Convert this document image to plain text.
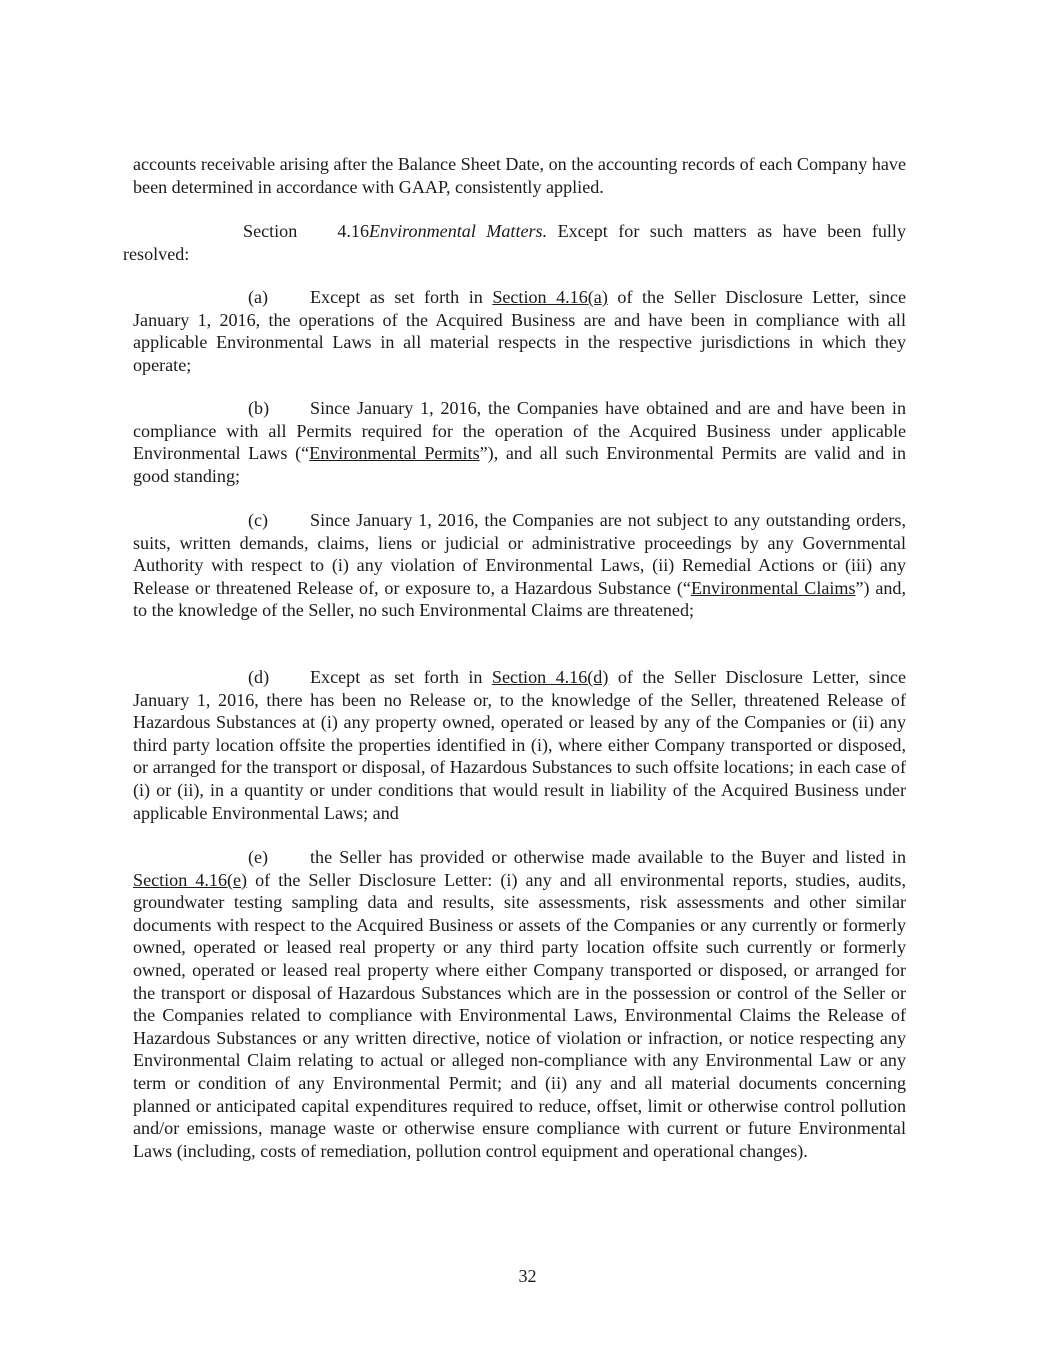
accounts receivable arising after the Balance Sheet Date, on the accounting records of each Company have been determined in accordance with GAAP, consistently applied.

Section 4.16Environmental Matters. Except for such matters as have been fully

resolved:

(a) Except as set forth in Section 4.16(a) of the Seller Disclosure Letter, since January 1, 2016, the operations of the Acquired Business are and have been in compliance with all applicable Environmental Laws in all material respects in the respective jurisdictions in which they operate;

(b) Since January 1, 2016, the Companies have obtained and are and have been in compliance with all Permits required for the operation of the Acquired Business under applicable Environmental Laws (“Environmental Permits”), and all such Environmental Permits are valid and in good standing;

(c) Since January 1, 2016, the Companies are not subject to any outstanding orders, suits, written demands, claims, liens or judicial or administrative proceedings by any Governmental Authority with respect to (i) any violation of Environmental Laws, (ii) Remedial Actions or (iii) any Release or threatened Release of, or exposure to, a Hazardous Substance (“Environmental Claims”) and, to the knowledge of the Seller, no such Environmental Claims are threatened;

(d) Except as set forth in Section 4.16(d) of the Seller Disclosure Letter, since January 1, 2016, there has been no Release or, to the knowledge of the Seller, threatened Release of Hazardous Substances at (i) any property owned, operated or leased by any of the Companies or (ii) any third party location offsite the properties identified in (i), where either Company transported or disposed, or arranged for the transport or disposal, of Hazardous Substances to such offsite locations; in each case of (i) or (ii), in a quantity or under conditions that would result in liability of the Acquired Business under applicable Environmental Laws; and

(e) the Seller has provided or otherwise made available to the Buyer and listed in Section 4.16(e) of the Seller Disclosure Letter: (i) any and all environmental reports, studies, audits, groundwater testing sampling data and results, site assessments, risk assessments and other similar documents with respect to the Acquired Business or assets of the Companies or any currently or formerly owned, operated or leased real property or any third party location offsite such currently or formerly owned, operated or leased real property where either Company transported or disposed, or arranged for the transport or disposal of Hazardous Substances which are in the possession or control of the Seller or the Companies related to compliance with Environmental Laws, Environmental Claims the Release of Hazardous Substances or any written directive, notice of violation or infraction, or notice respecting any Environmental Claim relating to actual or alleged non-compliance with any Environmental Law or any term or condition of any Environmental Permit; and (ii) any and all material documents concerning planned or anticipated capital expenditures required to reduce, offset, limit or otherwise control pollution and/or emissions, manage waste or otherwise ensure compliance with current or future Environmental Laws (including, costs of remediation, pollution control equipment and operational changes).

32
